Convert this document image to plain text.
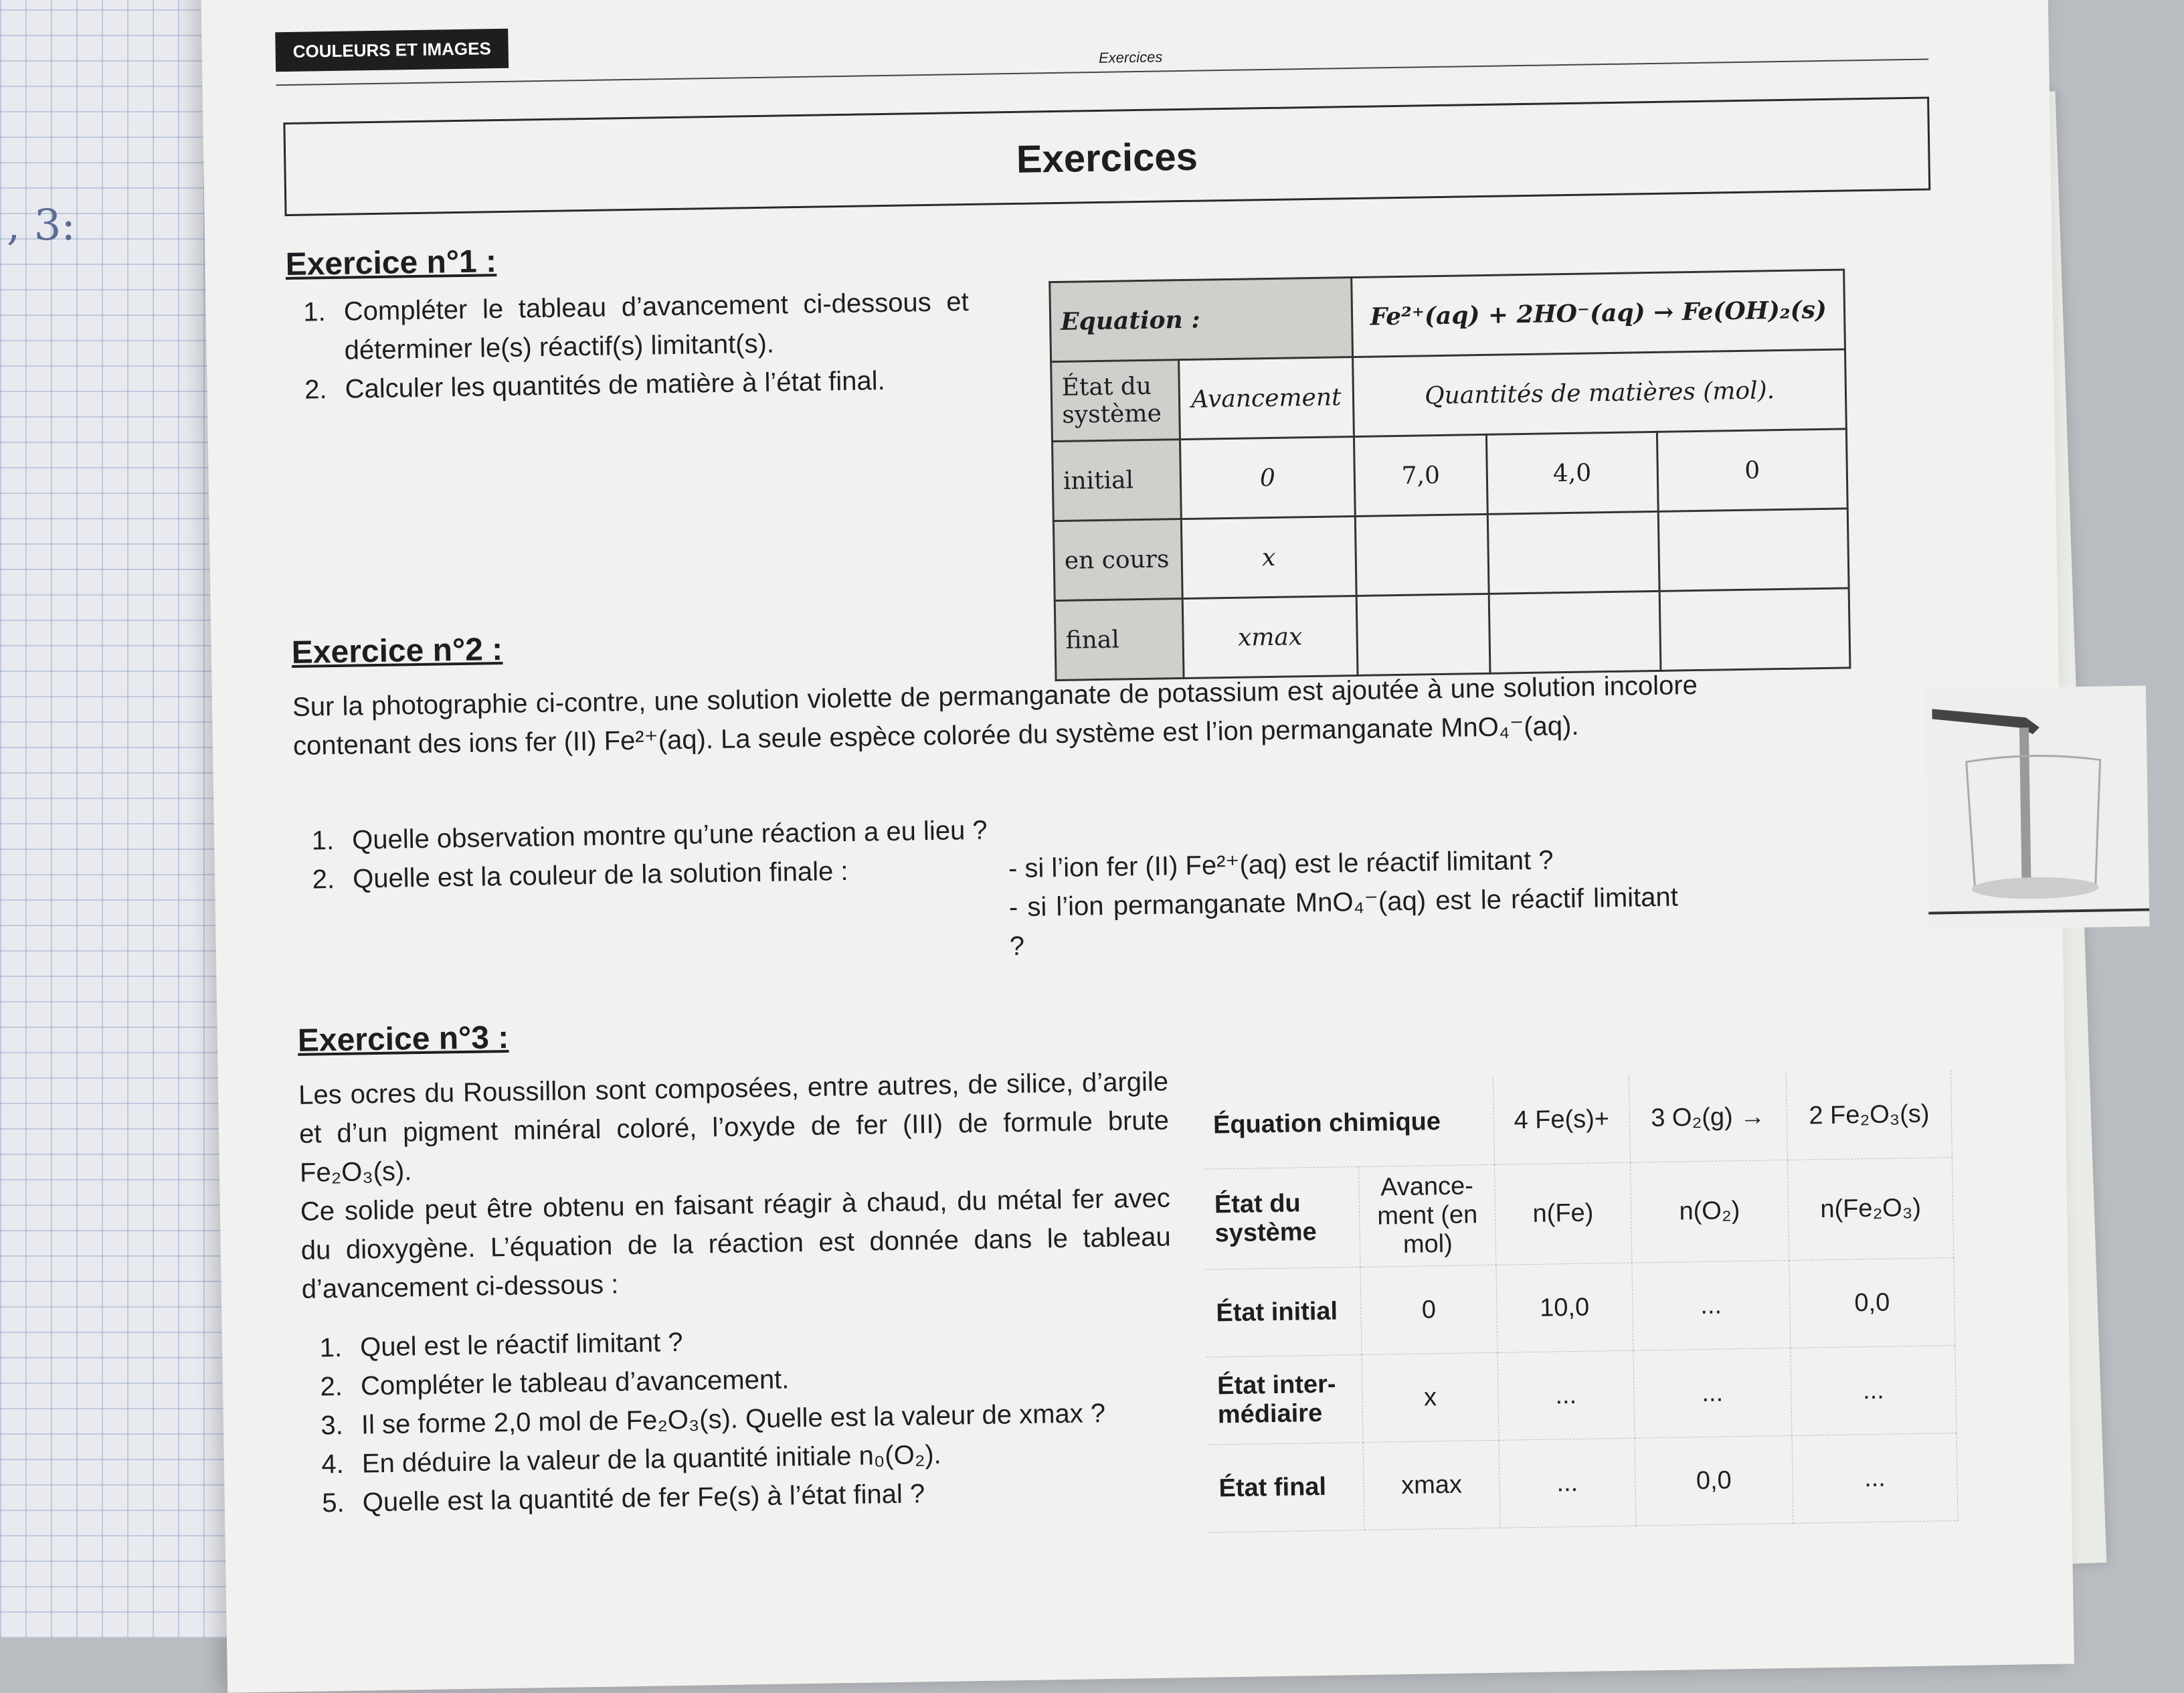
, 3:
COULEURS ET IMAGES	Exercices
Exercices
Exercice n°1 :
1. Compléter le tableau d’avancement ci-dessous et déterminer le(s) réactif(s) limitant(s).
2. Calculer les quantités de matière à l’état final.
Equation :		Fe²⁺(aq) + 2HO⁻(aq) → Fe(OH)₂(s)		
État du système	Avancement	Quantités de matières (mol).		
initial	0	7,0	4,0	0
en cours	x			
final	xmax			
Exercice n°2 :
Sur la photographie ci-contre, une solution violette de permanganate de potassium est ajoutée à une solution incolore contenant des ions fer (II) Fe²⁺(aq). La seule espèce colorée du système est l’ion permanganate MnO₄⁻(aq).
1. Quelle observation montre qu’une réaction a eu lieu ?
2. Quelle est la couleur de la solution finale :	- si l’ion fer (II) Fe²⁺(aq) est le réactif limitant ?
- si l’ion permanganate MnO₄⁻(aq) est le réactif limitant ?
Exercice n°3 :
Les ocres du Roussillon sont composées, entre autres, de silice, d’argile et d’un pigment minéral coloré, l’oxyde de fer (III) de formule brute Fe₂O₃(s).
Ce solide peut être obtenu en faisant réagir à chaud, du métal fer avec du dioxygène. L’équation de la réaction est donnée dans le tableau d’avancement ci-dessous :
1. Quel est le réactif limitant ?
2. Compléter le tableau d’avancement.
3. Il se forme 2,0 mol de Fe₂O₃(s). Quelle est la valeur de xmax ?
4. En déduire la valeur de la quantité initiale n₀(O₂).
5. Quelle est la quantité de fer Fe(s) à l’état final ?
Équation chimique		4 Fe(s)+	3 O₂(g) →	2 Fe₂O₃(s)
État du système	Avance-ment (en mol)	n(Fe)	n(O₂)	n(Fe₂O₃)
État initial	0	10,0	...	0,0
État inter-médiaire	x	...	...	...
État final	xmax	...	0,0	...
